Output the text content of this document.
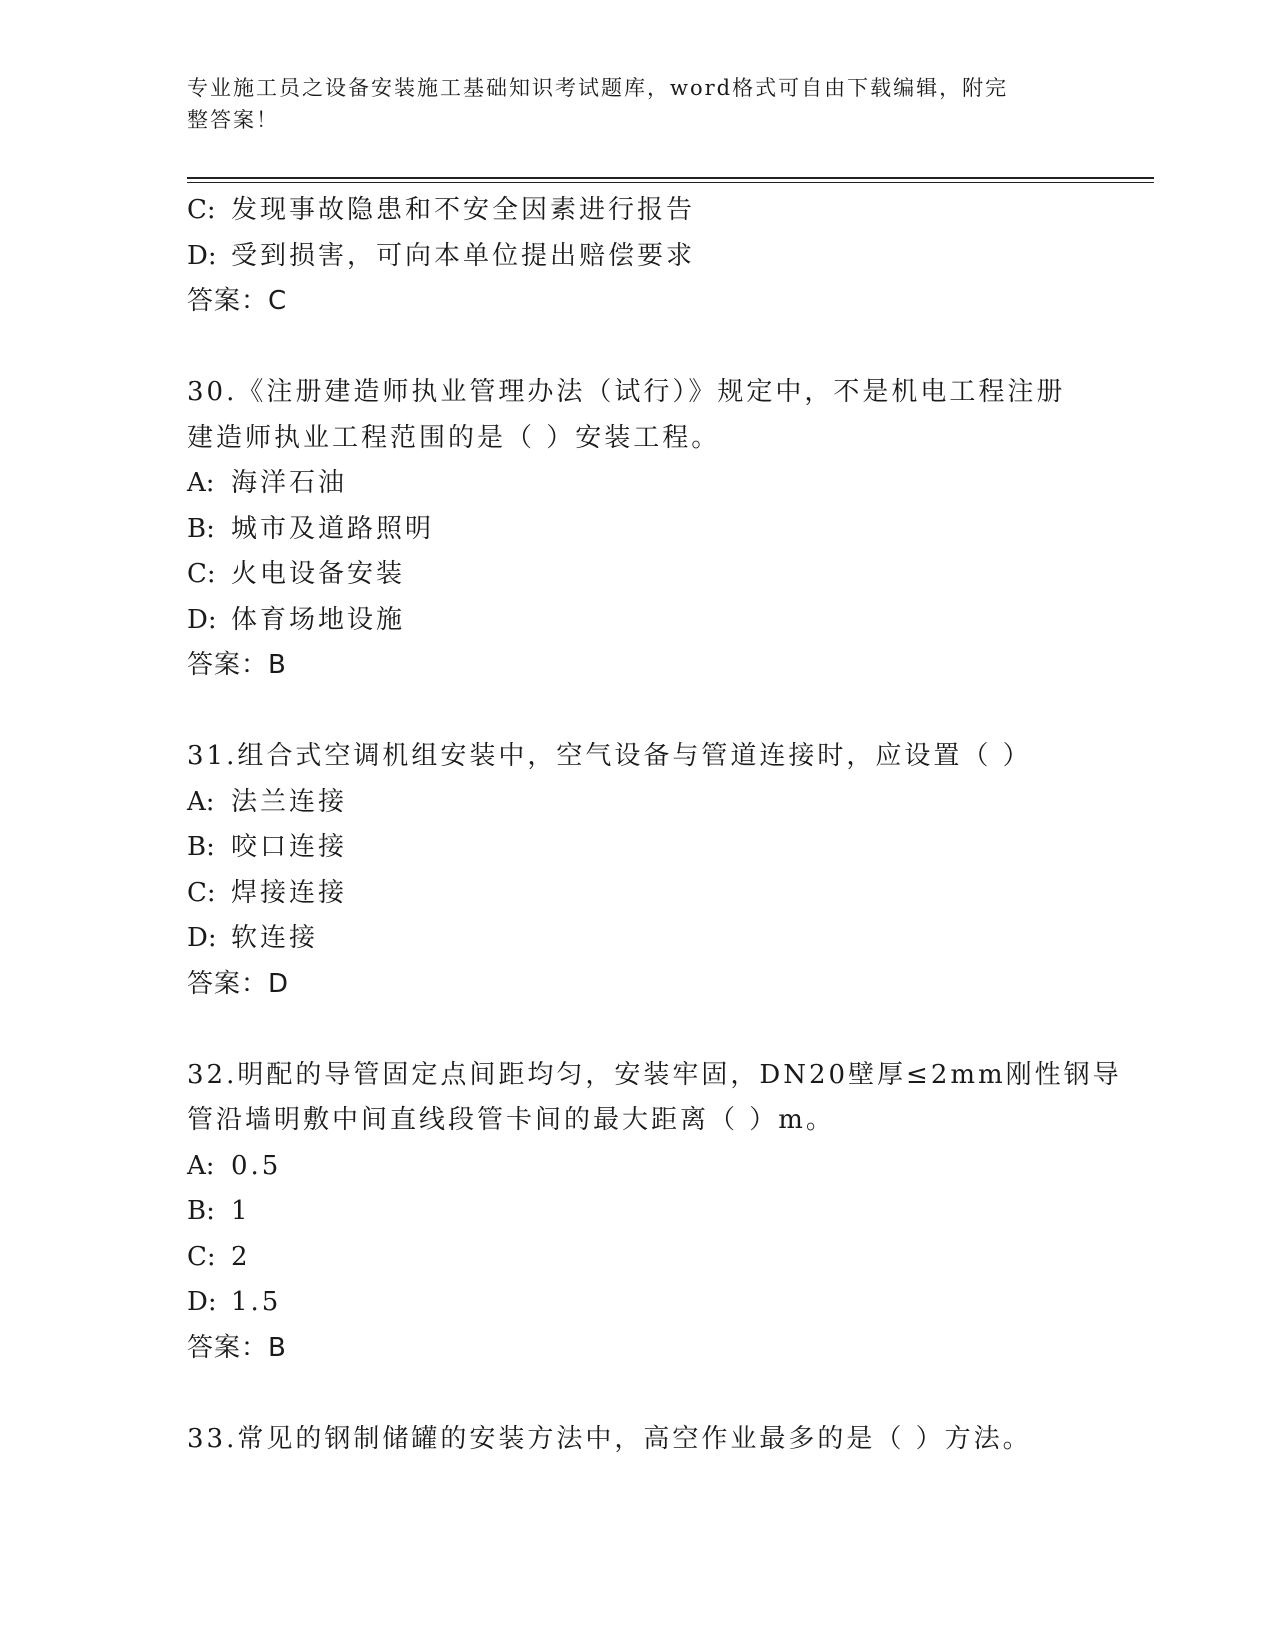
专业施工员之设备安装施工基础知识考试题库，word格式可自由下载编辑，附完
整答案！
C: 发现事故隐患和不安全因素进行报告
D: 受到损害，可向本单位提出赔偿要求
答案：C
30.《注册建造师执业管理办法（试行）》规定中，不是机电工程注册
建造师执业工程范围的是（ ）安装工程。
A: 海洋石油
B: 城市及道路照明
C: 火电设备安装
D: 体育场地设施
答案：B
31.组合式空调机组安装中，空气设备与管道连接时，应设置（ ）
A: 法兰连接
B: 咬口连接
C: 焊接连接
D: 软连接
答案：D
32.明配的导管固定点间距均匀，安装牢固，DN20壁厚≤2mm刚性钢导
管沿墙明敷中间直线段管卡间的最大距离（ ）m。
A: 0.5
B: 1
C: 2
D: 1.5
答案：B
33.常见的钢制储罐的安装方法中，高空作业最多的是（ ）方法。
